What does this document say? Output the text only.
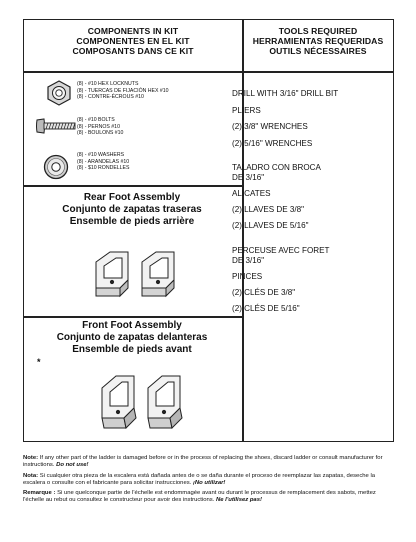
COMPONENTS IN KIT
COMPONENTES EN EL KIT
COMPOSANTS DANS CE KIT
TOOLS REQUIRED
HERRAMIENTAS REQUERIDAS
OUTILS NÉCESSAIRES
(8) - #10 HEX LOCKNUTS
(8) - TUERCAS DE FIJACIÓN HEX #10
(8) - CONTRE-ÉCROUS #10
(8) - #10 BOLTS
(8) - PERNOS #10
(8) - BOULONS #10
(8) - #10 WASHERS
(8) - ARANDELAS #10
(8) - $10 RONDELLES
DRILL WITH 3/16" DRILL BIT
PLIERS
(2) 3/8" WRENCHES
(2) 5/16" WRENCHES
TALADRO CON BROCA
DE 3/16"
ALICATES
(2) LLAVES DE 3/8"
(2) LLAVES DE 5/16"
PERCEUSE AVEC FORET
DE 3/16"
PINCES
(2) CLÉS DE 3/8"
(2) CLÉS DE 5/16"
Rear Foot Assembly
Conjunto de zapatas traseras
Ensemble de pieds arrière
Front Foot Assembly
Conjunto de zapatas delanteras
Ensemble de pieds avant
*

Note: If any other part of the ladder is damaged before or in the process of replacing the shoes, discard ladder or consult manufacturer for instructions. Do not use!

Nota: Si cualquier otra pieza de la escalera está dañada antes de o se daña durante el proceso de reemplazar las zapatas, deseche la escalera o consulte con el fabricante para solicitar instrucciones. ¡No utilizar!

Remarque : Si une quelconque partie de l'échelle est endommagée avant ou durant le processus de remplacement des sabots, mettez l'échelle au rebut ou consultez le constructeur pour avoir des instructions. Ne l'utilisez pas!
